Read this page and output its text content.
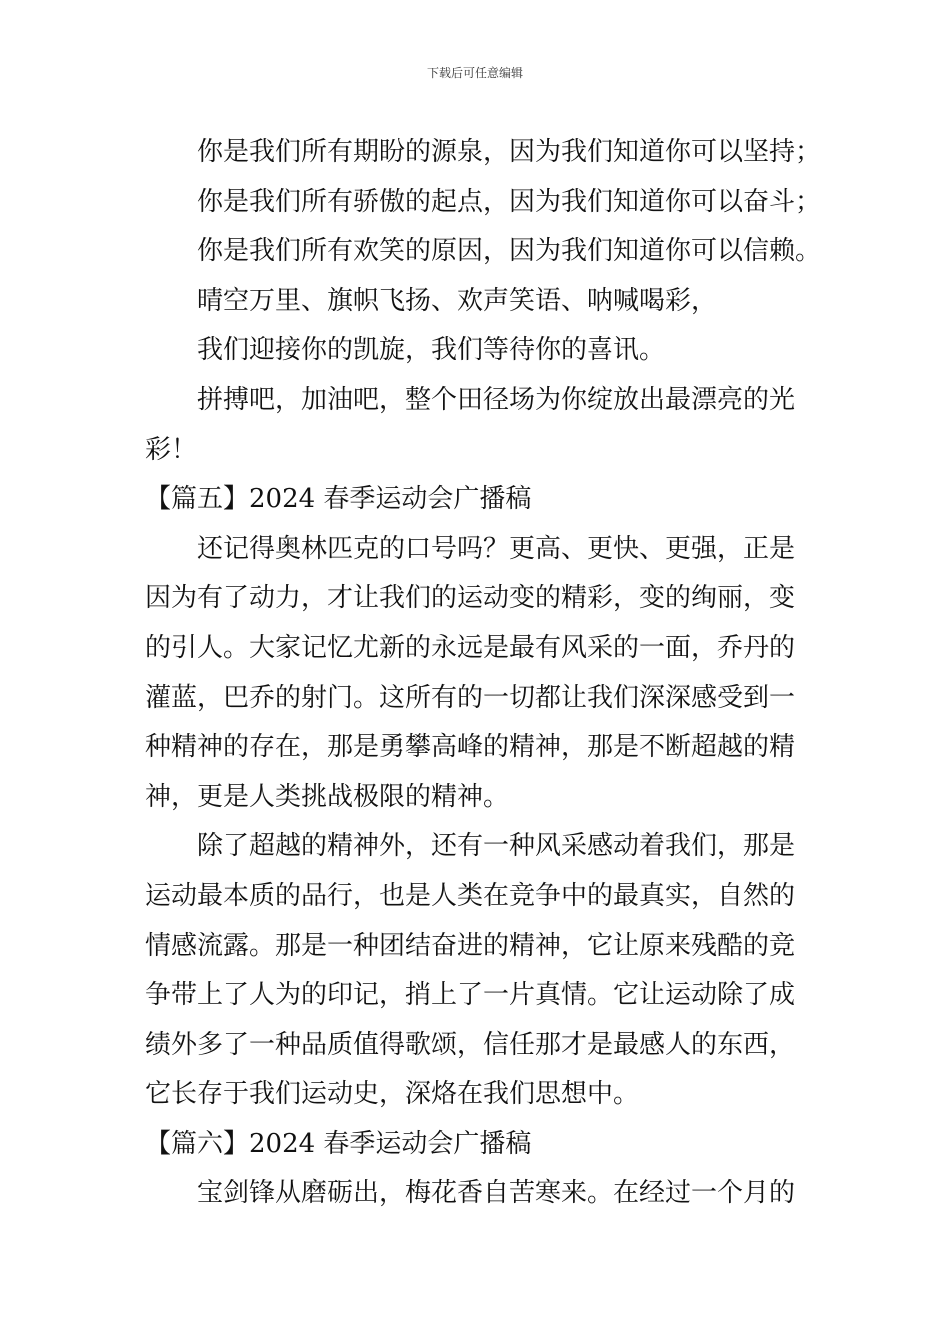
下载后可任意编辑

你是我们所有期盼的源泉，因为我们知道你可以坚持；

你是我们所有骄傲的起点，因为我们知道你可以奋斗；

你是我们所有欢笑的原因，因为我们知道你可以信赖。

晴空万里、旗帜飞扬、欢声笑语、呐喊喝彩，

我们迎接你的凯旋，我们等待你的喜讯。

拼搏吧，加油吧，整个田径场为你绽放出最漂亮的光

彩！

【篇五】2024 春季运动会广播稿

还记得奥林匹克的口号吗？更高、更快、更强，正是

因为有了动力，才让我们的运动变的精彩，变的绚丽，变

的引人。大家记忆尤新的永远是最有风采的一面，乔丹的

灌蓝，巴乔的射门。这所有的一切都让我们深深感受到一

种精神的存在，那是勇攀高峰的精神，那是不断超越的精

神，更是人类挑战极限的精神。

除了超越的精神外，还有一种风采感动着我们，那是

运动最本质的品行，也是人类在竞争中的最真实，自然的

情感流露。那是一种团结奋进的精神，它让原来残酷的竞

争带上了人为的印记，捎上了一片真情。它让运动除了成

绩外多了一种品质值得歌颂，信任那才是最感人的东西，

它长存于我们运动史，深烙在我们思想中。

【篇六】2024 春季运动会广播稿

宝剑锋从磨砺出，梅花香自苦寒来。在经过一个月的
